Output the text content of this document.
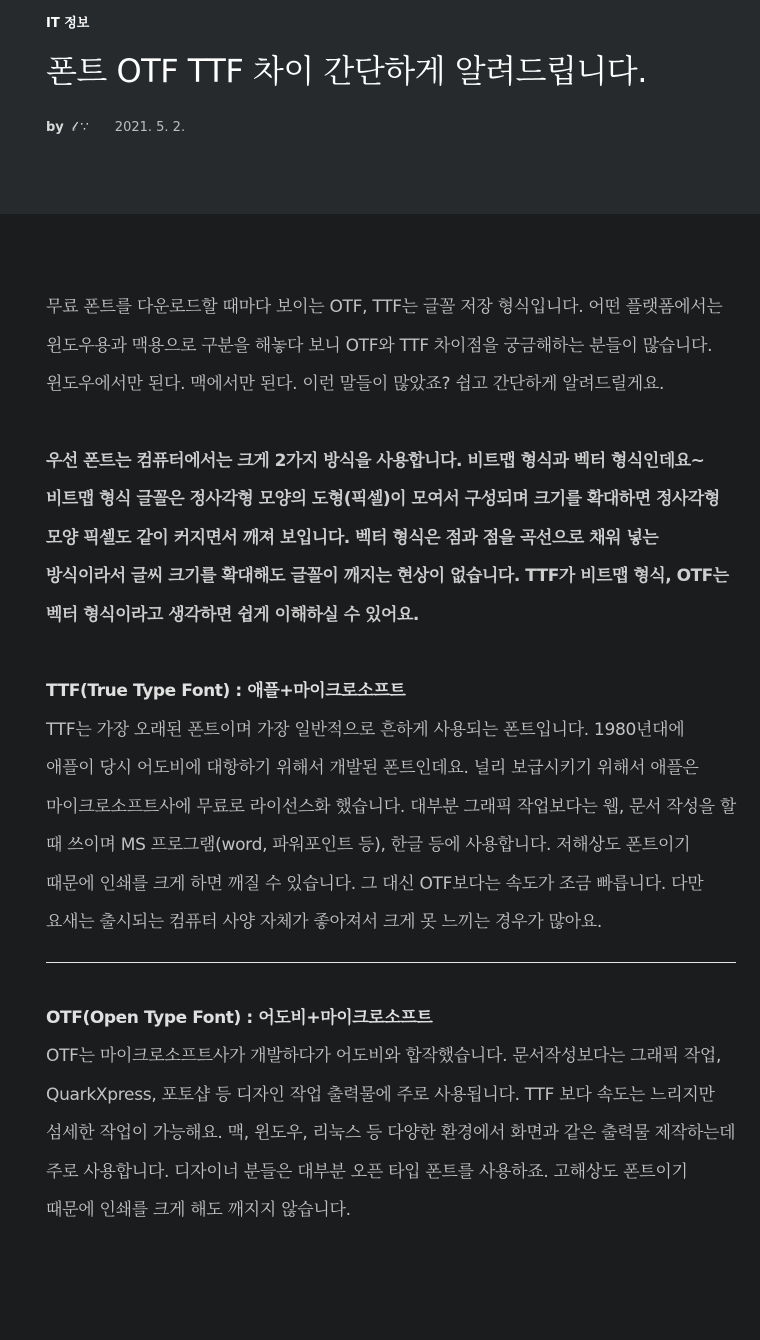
IT 정보
폰트 OTF TTF 차이 간단하게 알려드립니다.
by 𝓁 ∵ 2021. 5. 2.

무료 폰트를 다운로드할 때마다 보이는 OTF, TTF는 글꼴 저장 형식입니다. 어떤 플랫폼에서는 윈도우용과 맥용으로 구분을 해놓다 보니 OTF와 TTF 차이점을 궁금해하는 분들이 많습니다. 윈도우에서만 된다. 맥에서만 된다. 이런 말들이 많았죠? 쉽고 간단하게 알려드릴게요.

우선 폰트는 컴퓨터에서는 크게 2가지 방식을 사용합니다. 비트맵 형식과 벡터 형식인데요~ 비트맵 형식 글꼴은 정사각형 모양의 도형(픽셀)이 모여서 구성되며 크기를 확대하면 정사각형 모양 픽셀도 같이 커지면서 깨져 보입니다. 벡터 형식은 점과 점을 곡선으로 채워 넣는 방식이라서 글씨 크기를 확대해도 글꼴이 깨지는 현상이 없습니다. TTF가 비트맵 형식, OTF는 벡터 형식이라고 생각하면 쉽게 이해하실 수 있어요.

TTF(True Type Font) : 애플+마이크로소프트

TTF는 가장 오래된 폰트이며 가장 일반적으로 흔하게 사용되는 폰트입니다. 1980년대에 애플이 당시 어도비에 대항하기 위해서 개발된 폰트인데요. 널리 보급시키기 위해서 애플은 마이크로소프트사에 무료로 라이선스화 했습니다. 대부분 그래픽 작업보다는 웹, 문서 작성을 할 때 쓰이며 MS 프로그램(word, 파워포인트 등), 한글 등에 사용합니다. 저해상도 폰트이기 때문에 인쇄를 크게 하면 깨질 수 있습니다. 그 대신 OTF보다는 속도가 조금 빠릅니다. 다만 요새는 출시되는 컴퓨터 사양 자체가 좋아져서 크게 못 느끼는 경우가 많아요.

OTF(Open Type Font) : 어도비+마이크로소프트

OTF는 마이크로소프트사가 개발하다가 어도비와 합작했습니다. 문서작성보다는 그래픽 작업, QuarkXpress, 포토샵 등 디자인 작업 출력물에 주로 사용됩니다. TTF 보다 속도는 느리지만 섬세한 작업이 가능해요. 맥, 윈도우, 리눅스 등 다양한 환경에서 화면과 같은 출력물 제작하는데 주로 사용합니다. 디자이너 분들은 대부분 오픈 타입 폰트를 사용하죠. 고해상도 폰트이기 때문에 인쇄를 크게 해도 깨지지 않습니다.
